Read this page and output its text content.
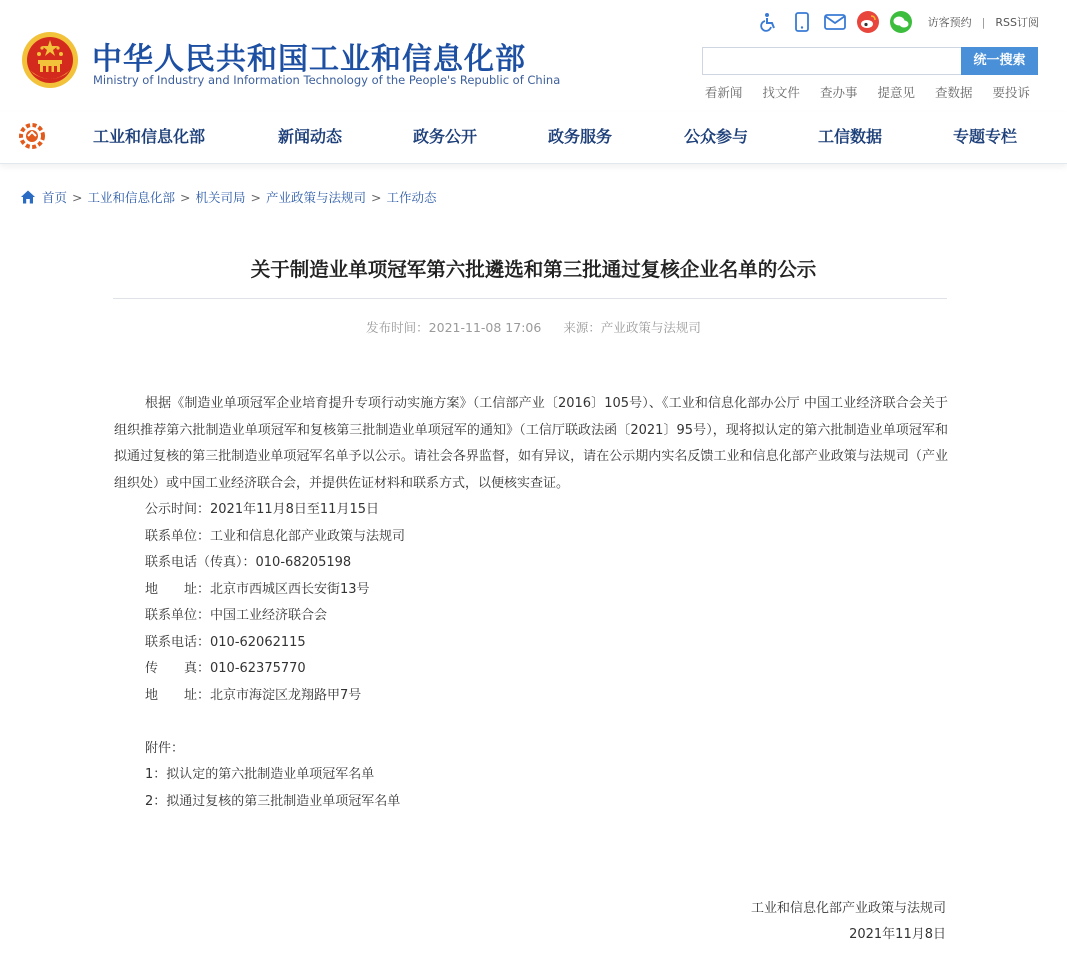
中华人民共和国工业和信息化部
Ministry of Industry and Information Technology of the People's Republic of China
访客预约 | RSS订阅
统一搜索
看新闻 找文件 查办事 提意见 查数据 要投诉
工业和信息化部	新闻动态	政务公开	政务服务	公众参与	工信数据	专题专栏
首页 > 工业和信息化部 > 机关司局 > 产业政策与法规司 > 工作动态
关于制造业单项冠军第六批遴选和第三批通过复核企业名单的公示
发布时间：2021-11-08 17:06 来源：产业政策与法规司

根据《制造业单项冠军企业培育提升专项行动实施方案》（工信部产业〔2016〕105号）、《工业和信息化部办公厅 中国工业经济联合会关于组织推荐第六批制造业单项冠军和复核第三批制造业单项冠军的通知》（工信厅联政法函〔2021〕95号），现将拟认定的第六批制造业单项冠军和拟通过复核的第三批制造业单项冠军名单予以公示。请社会各界监督，如有异议，请在公示期内实名反馈工业和信息化部产业政策与法规司（产业组织处）或中国工业经济联合会，并提供佐证材料和联系方式，以便核实查证。

公示时间：2021年11月8日至11月15日
联系单位：工业和信息化部产业政策与法规司
联系电话（传真）：010-68205198
地　　址：北京市西城区西长安街13号
联系单位：中国工业经济联合会
联系电话：010-62062115
传　　真：010-62375770
地　　址：北京市海淀区龙翔路甲7号
附件：
1：拟认定的第六批制造业单项冠军名单
2：拟通过复核的第三批制造业单项冠军名单
工业和信息化部产业政策与法规司
2021年11月8日
